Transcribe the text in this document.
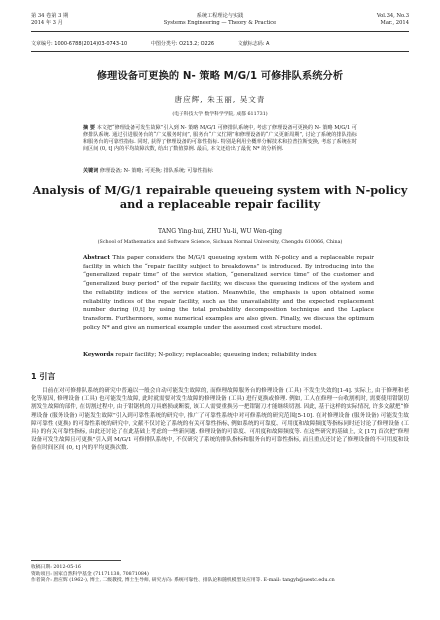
第 34 卷第 3 期	系统工程理论与实践	Vol.34, No.3
2014 年 3 月	Systems Engineering — Theory & Practice	Mar., 2014
文章编号: 1000-6788(2014)03-0743-10	中图分类号: O213.2; O226	文献标志码: A
修理设备可更换的 N- 策略 M/G/1 可修排队系统分析
唐应辉, 朱玉丽, 吴文青
(电子科技大学 数学科学学院, 成都 611731)
摘 要 本文把“修理设备可发生故障”引入到 N- 策略 M/G/1 可修排队系统中, 考虑了修理设备可更换的 N- 策略 M/G/1 可修排队系统. 通过引进服务台的“广义服务时间”, 服务台“广义忙期”和修理设备的“广义更新周期”, 讨论了系统的排队指标和服务台的可靠性指标. 同时, 获得了修理设备的可靠性指标. 特别是利用全概率分解技术和拉普拉斯变换, 考虑了系统在时间区间 (0, t] 内的平均故障次数, 给出了数值算例. 最后, 本文还给出了最优 N* 的分析例.
关键词 修理设备; N- 策略; 可更换; 排队系统; 可靠性指标
Analysis of M/G/1 repairable queueing system with N-policy and a replaceable repair facility
TANG Ying-hui, ZHU Yu-li, WU Wen-qing
(School of Mathematics and Software Science, Sichuan Normal University, Chengdu 610066, China)
Abstract This paper considers the M/G/1 queueing system with N-policy and a replaceable repair facility in which the “repair facility subject to breakdowns” is introduced. By introducing into the “generalized repair time” of the service station, “generalized service time” of the customer and “generalized busy period” of the repair facility, we discuss the queueing indices of the system and the reliability indices of the service station. Meanwhile, the emphasis is upon obtained some reliability indices of the repair facility, such as the unavailability and the expected replacement number during (0,t] by using the total probability decomposition technique and the Laplace transform. Furthermore, some numerical examples are also given. Finally, we discuss the optimum policy N* and give an numerical example under the assumed cost structure model.
Keywords repair facility; N-policy; replaceable; queueing index; reliability index
1 引言
目前在对可修排队系统的研究中普遍以一般会自动可能发生故障的, 而修理故障服务台的修理设备 (工具) 不发生失效的[1-4]. 实际上, 由于修理和老化等原因, 修理设备 (工具) 也可能发生故障, 此时就需要对发生故障的修理设备 (工具) 进行更换或修理. 例如, 工人在修理一台收割机时, 需要使用钳锯切割发生故障的部件, 在切割过程中, 由于钳锯机的刀具磨损或断裂, 该工人需要重换另一把钳锯刀才能继续切割. 因此, 基于这样的实际情况, 许多文献把“修理设备 (服务设备) 可能发生故障”引入到可靠性系统的研究中, 推广了可靠性系统中对可修系统的研究范围[5-10]. 在对修理设备 (服务设备) 可能发生故障可靠性 (更换) 的可靠性系统的研究中, 文献不仅讨论了系统的有关可靠性指标, 例如系统的可靠度、可用度和故障频度等指标同时还讨论了修理设备 (工具) 的有关可靠性指标, 由此还讨论了在此基础上考虑的一些新问题. 修理设备的可靠度、可用度和故障频度等. 在这些研究的基础上, 文 [17] 首次把“修理设备可发生故障且可更换”引入到 M/G/1 可修排队系统中, 不仅研究了系统的排队指标和服务台的可靠性指标, 而且重点还讨论了修理设备的不可用度和设备在时间区间 (0, t] 内的平均更换次数.
收稿日期: 2012-05-16
资助项目: 国家自然科学基金 (71171138, 70871084)
作者简介: 唐应辉 (1962-), 博士, 二级教授, 博士生导师, 研究方向: 系统可靠性、排队论和随机模型及应用等. E-mail: tangyh@uestc.edu.cn
